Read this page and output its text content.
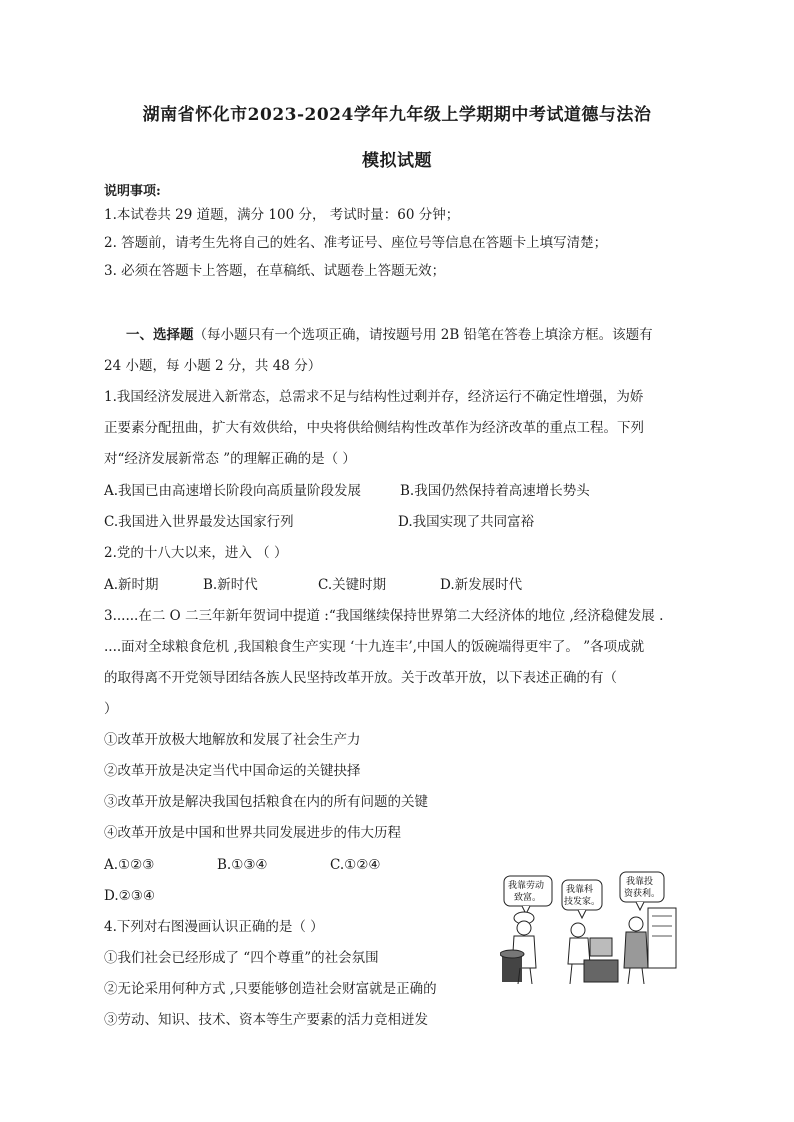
湖南省怀化市2023-2024学年九年级上学期期中考试道德与法治
模拟试题
说明事项:
1.本试卷共 29 道题，满分 100 分， 考试时量：60 分钟；
2. 答题前，请考生先将自己的姓名、准考证号、座位号等信息在答题卡上填写清楚；
3. 必须在答题卡上答题，在草稿纸、试题卷上答题无效；
一、选择题（每小题只有一个选项正确，请按题号用 2B 铅笔在答卷上填涂方框。该题有
24 小题，每 小题 2 分，共 48 分）
1.我国经济发展进入新常态，总需求不足与结构性过剩并存，经济运行不确定性增强，为娇
正要素分配扭曲，扩大有效供给，中央将供给侧结构性改革作为经济改革的重点工程。下列
对“经济发展新常态 ”的理解正确的是（ ）
A.我国已由高速增长阶段向高质量阶段发展	B.我国仍然保持着高速增长势头
C.我国进入世界最发达国家行列	D.我国实现了共同富裕
2.党的十八大以来，进入 （ ）
A.新时期	B.新时代	C.关键时期	D.新发展时代
3......在二 O 二三年新年贺词中提道 :“我国继续保持世界第二大经济体的地位 ,经济稳健发展 .
....面对全球粮食危机 ,我国粮食生产实现 ‘十九连丰’,中国人的饭碗端得更牢了。 ”各项成就
的取得离不开党领导团结各族人民坚持改革开放。关于改革开放，以下表述正确的有（
）
①改革开放极大地解放和发展了社会生产力
②改革开放是决定当代中国命运的关键抉择
③改革开放是解决我国包括粮食在内的所有问题的关键
④改革开放是中国和世界共同发展进步的伟大历程
A.①②③	B.①③④	C.①②④
D.②③④
4.下列对右图漫画认识正确的是（ ）
①我们社会已经形成了 “四个尊重”的社会氛围
②无论采用何种方式 ,只要能够创造社会财富就是正确的
③劳动、知识、技术、资本等生产要素的活力竞相迸发
我靠劳动
致富。
我靠科
技发家。
我靠投
资获利。
